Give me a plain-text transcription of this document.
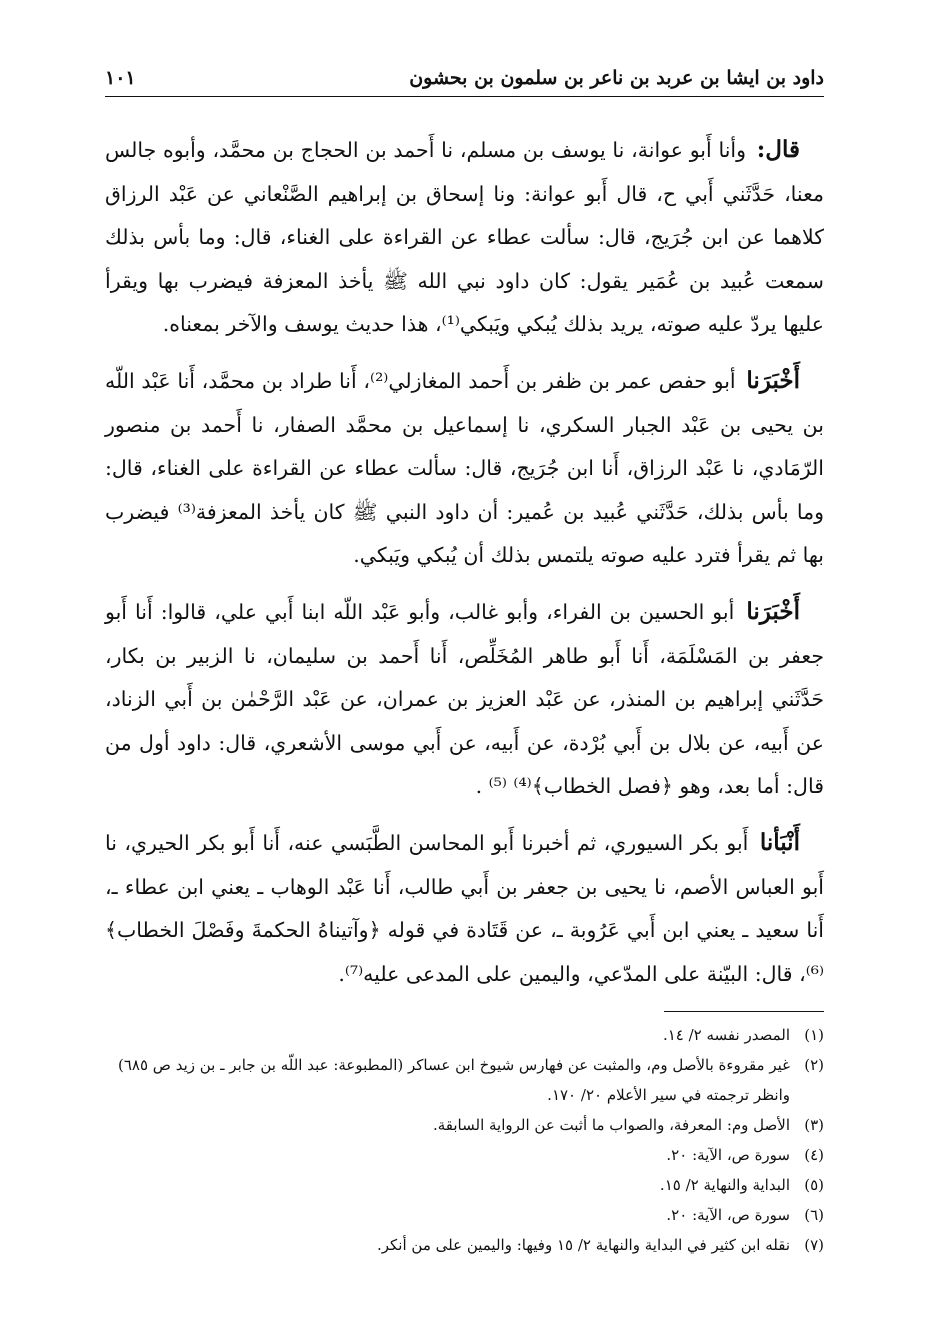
داود بن ايشا بن عربد بن ناعر بن سلمون بن بحشون
١٠١

قال: وأنا أَبو عوانة، نا يوسف بن مسلم، نا أَحمد بن الحجاج بن محمَّد، وأبوه جالس معنا، حَدَّثَني أَبي ح، قال أَبو عوانة: ونا إسحاق بن إبراهيم الصَّنْعاني عن عَبْد الرزاق كلاهما عن ابن جُرَيج، قال: سألت عطاء عن القراءة على الغناء، قال: وما بأس بذلك سمعت عُبيد بن عُمَير يقول: كان داود نبي الله ﷺ يأخذ المعزفة فيضرب بها ويقرأ عليها يردّ عليه صوته، يريد بذلك يُبكي ويَبكي⁽¹⁾، هذا حديث يوسف والآخر بمعناه.

أَخْبَرَنا أبو حفص عمر بن ظفر بن أَحمد المغازلي⁽²⁾، أَنا طراد بن محمَّد، أَنا عَبْد اللّه بن يحيى بن عَبْد الجبار السكري، نا إسماعيل بن محمَّد الصفار، نا أَحمد بن منصور الرّمَادي، نا عَبْد الرزاق، أَنا ابن جُرَيج، قال: سألت عطاء عن القراءة على الغناء، قال: وما بأس بذلك، حَدَّثَني عُبيد بن عُمير: أن داود النبي ﷺ كان يأخذ المعزفة⁽³⁾ فيضرب بها ثم يقرأ فترد عليه صوته يلتمس بذلك أن يُبكي ويَبكي.

أَخْبَرَنا أبو الحسين بن الفراء، وأبو غالب، وأبو عَبْد اللّه ابنا أَبي علي، قالوا: أَنا أَبو جعفر بن المَسْلَمَة، أَنا أَبو طاهر المُخَلِّص، أَنا أَحمد بن سليمان، نا الزبير بن بكار، حَدَّثَني إبراهيم بن المنذر، عن عَبْد العزيز بن عمران، عن عَبْد الرَّحْمٰن بن أَبي الزناد، عن أَبيه، عن بلال بن أَبي بُرْدة، عن أَبيه، عن أَبي موسى الأشعري، قال: داود أول من قال: أما بعد، وهو ﴿فصل الخطاب﴾⁽⁴⁾ ⁽⁵⁾ .

أَنْبَأنا أَبو بكر السيوري، ثم أخبرنا أَبو المحاسن الطَّبَسي عنه، أَنا أَبو بكر الحيري، نا أَبو العباس الأصم، نا يحيى بن جعفر بن أَبي طالب، أَنا عَبْد الوهاب ـ يعني ابن عطاء ـ، أَنا سعيد ـ يعني ابن أَبي عَرُوبة ـ، عن قَتَادة في قوله ﴿وآتيناهُ الحكمةَ وفَصْلَ الخطاب﴾⁽⁶⁾، قال: البيّنة على المدّعي، واليمين على المدعى عليه⁽⁷⁾.

(١)
المصدر نفسه ٢/ ١٤.
(٢)
غير مقروءة بالأصل وم، والمثبت عن فهارس شيوخ ابن عساكر (المطبوعة: عبد اللّه بن جابر ـ بن زيد ص ٦٨٥) وانظر ترجمته في سير الأعلام ٢٠/ ١٧٠.
(٣)
الأصل وم: المعرفة، والصواب ما أثبت عن الرواية السابقة.
(٤)
سورة ص، الآية: ٢٠.
(٥)
البداية والنهاية ٢/ ١٥.
(٦)
سورة ص، الآية: ٢٠.
(٧)
نقله ابن كثير في البداية والنهاية ٢/ ١٥ وفيها: واليمين على من أنكر.
